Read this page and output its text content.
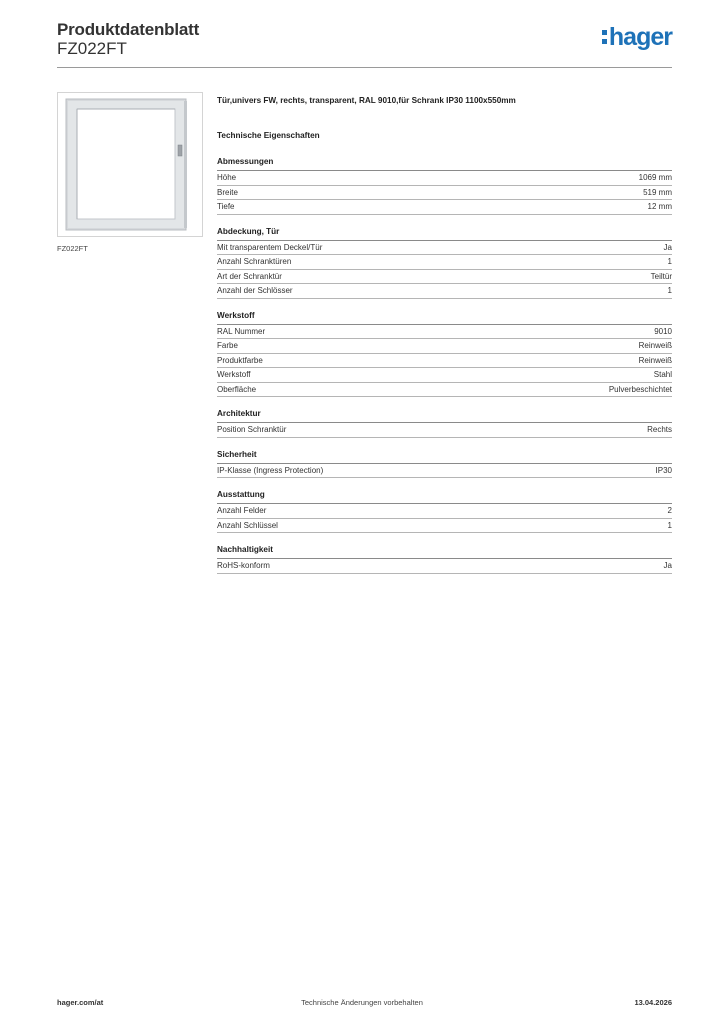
Produktdatenblatt
FZ022FT	hager
FZ022FT
Tür,univers FW, rechts, transparent, RAL 9010,für Schrank IP30 1100x550mm
Technische Eigenschaften
Abmessungen
Höhe	1069 mm
Breite	519 mm
Tiefe	12 mm
Abdeckung, Tür
Mit transparentem Deckel/Tür	Ja
Anzahl Schranktüren	1
Art der Schranktür	Teiltür
Anzahl der Schlösser	1
Werkstoff
RAL Nummer	9010
Farbe	Reinweiß
Produktfarbe	Reinweiß
Werkstoff	Stahl
Oberfläche	Pulverbeschichtet
Architektur
Position Schranktür	Rechts
Sicherheit
IP-Klasse (Ingress Protection)	IP30
Ausstattung
Anzahl Felder	2
Anzahl Schlüssel	1
Nachhaltigkeit
RoHS-konform	Ja
hager.com/at	Technische Änderungen vorbehalten	13.04.2026
